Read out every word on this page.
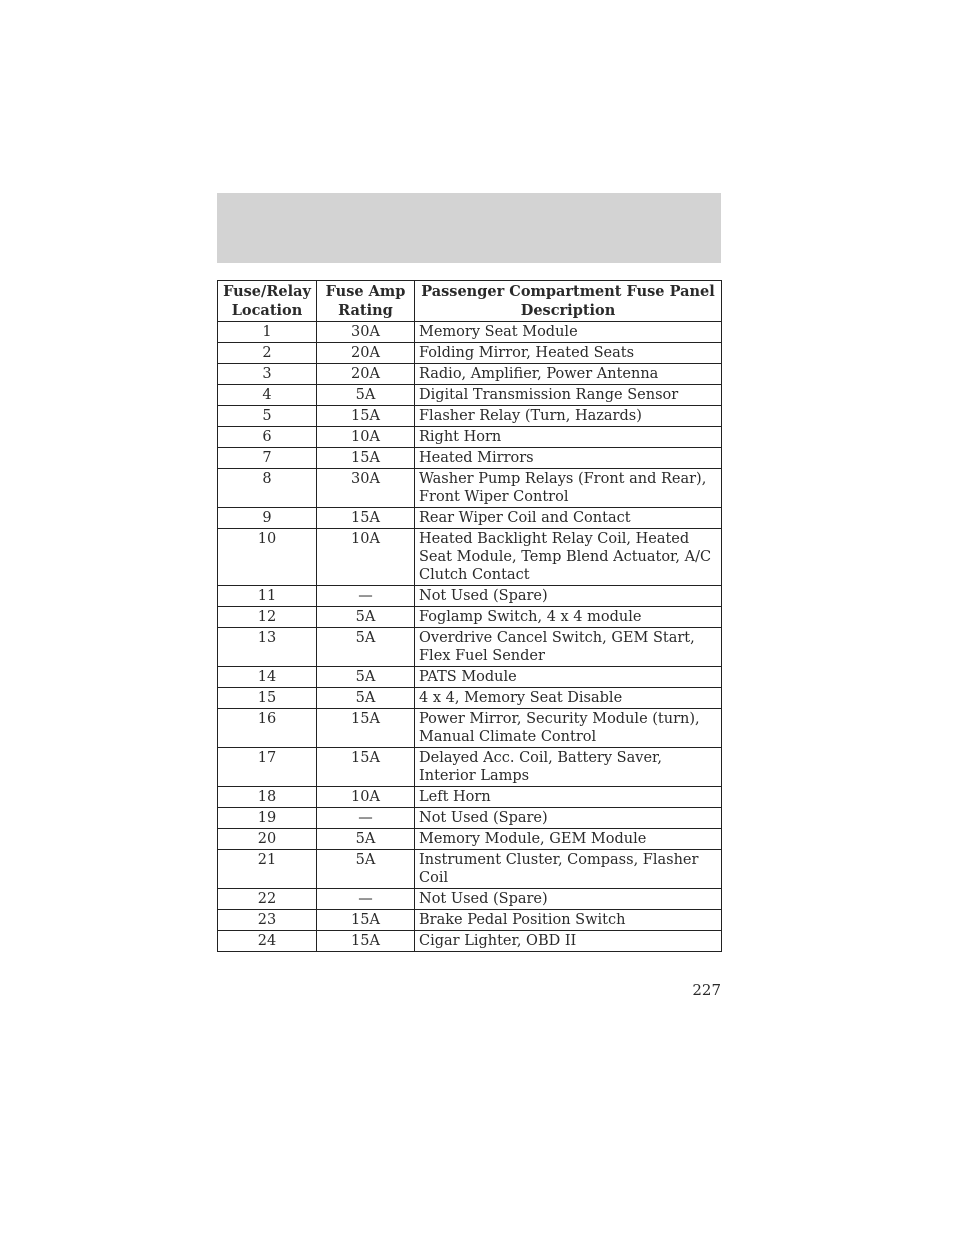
Fuse/Relay Location	Fuse Amp Rating	Passenger Compartment Fuse Panel Description
1	30A	Memory Seat Module
2	20A	Folding Mirror, Heated Seats
3	20A	Radio, Amplifier, Power Antenna
4	5A	Digital Transmission Range Sensor
5	15A	Flasher Relay (Turn, Hazards)
6	10A	Right Horn
7	15A	Heated Mirrors
8	30A	Washer Pump Relays (Front and Rear), Front Wiper Control
9	15A	Rear Wiper Coil and Contact
10	10A	Heated Backlight Relay Coil, Heated Seat Module, Temp Blend Actuator, A/C Clutch Contact
11	—	Not Used (Spare)
12	5A	Foglamp Switch, 4 x 4 module
13	5A	Overdrive Cancel Switch, GEM Start, Flex Fuel Sender
14	5A	PATS Module
15	5A	4 x 4, Memory Seat Disable
16	15A	Power Mirror, Security Module (turn), Manual Climate Control
17	15A	Delayed Acc. Coil, Battery Saver, Interior Lamps
18	10A	Left Horn
19	—	Not Used (Spare)
20	5A	Memory Module, GEM Module
21	5A	Instrument Cluster, Compass, Flasher Coil
22	—	Not Used (Spare)
23	15A	Brake Pedal Position Switch
24	15A	Cigar Lighter, OBD II
227
